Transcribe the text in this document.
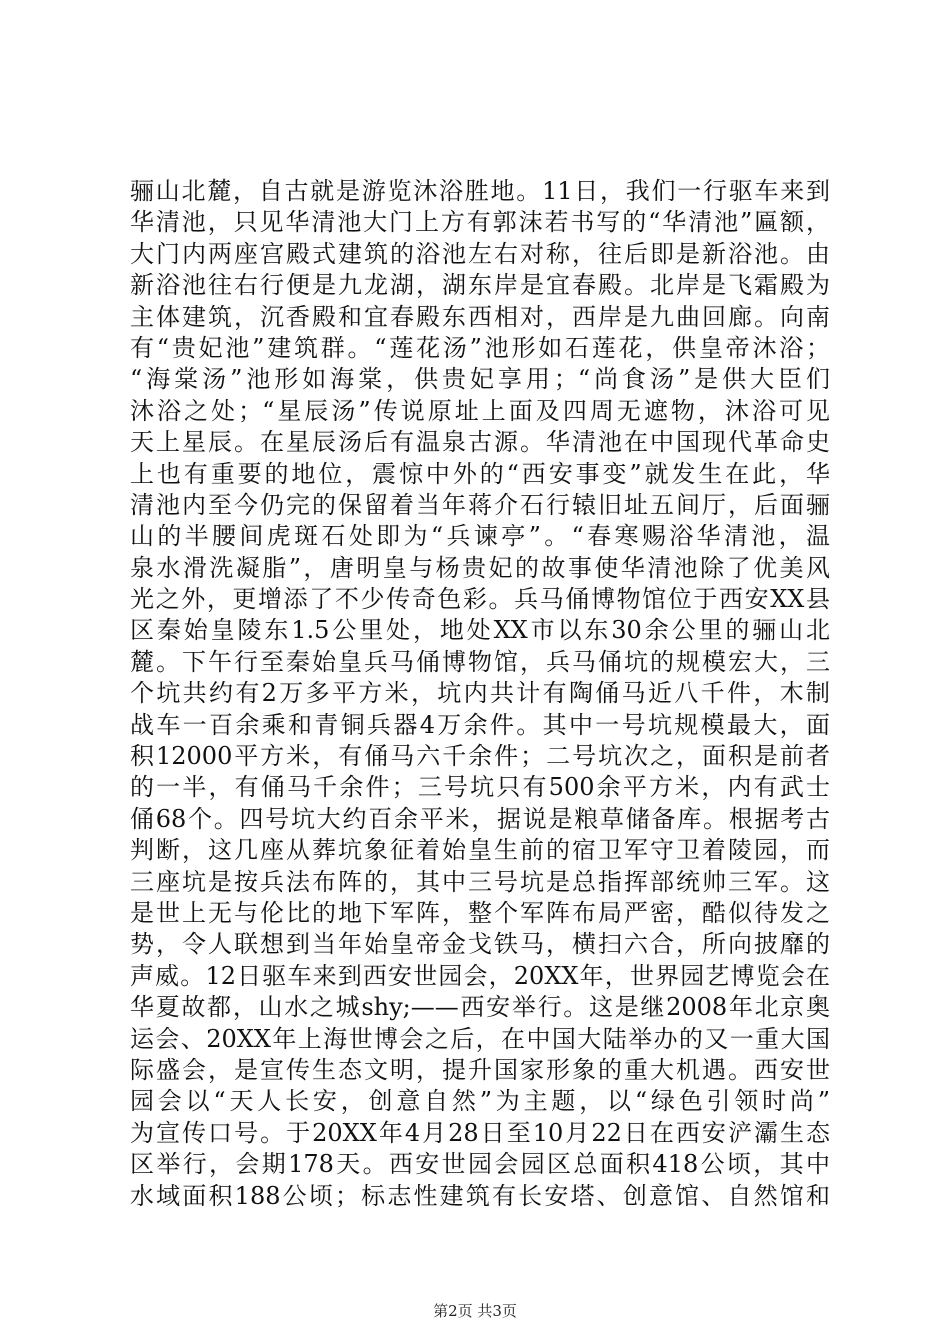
骊山北麓，自古就是游览沐浴胜地。11日，我们一行驱车来到
华清池，只见华清池大门上方有郭沫若书写的“华清池”匾额，
大门内两座宫殿式建筑的浴池左右对称，往后即是新浴池。由
新浴池往右行便是九龙湖，湖东岸是宜春殿。北岸是飞霜殿为
主体建筑，沉香殿和宜春殿东西相对，西岸是九曲回廊。向南
有“贵妃池”建筑群。“莲花汤”池形如石莲花，供皇帝沐浴；
“海棠汤”池形如海棠，供贵妃享用；“尚食汤”是供大臣们
沐浴之处；“星辰汤”传说原址上面及四周无遮物，沐浴可见
天上星辰。在星辰汤后有温泉古源。华清池在中国现代革命史
上也有重要的地位，震惊中外的“西安事变”就发生在此，华
清池内至今仍完的保留着当年蒋介石行辕旧址五间厅，后面骊
山的半腰间虎斑石处即为“兵谏亭”。“春寒赐浴华清池，温
泉水滑洗凝脂”，唐明皇与杨贵妃的故事使华清池除了优美风
光之外，更增添了不少传奇色彩。兵马俑博物馆位于西安XX县
区秦始皇陵东1.5公里处，地处XX市以东30余公里的骊山北
麓。下午行至秦始皇兵马俑博物馆，兵马俑坑的规模宏大，三
个坑共约有2万多平方米，坑内共计有陶俑马近八千件，木制
战车一百余乘和青铜兵器4万余件。其中一号坑规模最大，面
积12000平方米，有俑马六千余件；二号坑次之，面积是前者
的一半，有俑马千余件；三号坑只有500余平方米，内有武士
俑68个。四号坑大约百余平米，据说是粮草储备库。根据考古
判断，这几座从葬坑象征着始皇生前的宿卫军守卫着陵园，而
三座坑是按兵法布阵的，其中三号坑是总指挥部统帅三军。这
是世上无与伦比的地下军阵，整个军阵布局严密，酷似待发之
势，令人联想到当年始皇帝金戈铁马，横扫六合，所向披靡的
声威。12日驱车来到西安世园会，20XX年，世界园艺博览会在
华夏故都，山水之城shy;——西安举行。这是继2008年北京奥
运会、20XX年上海世博会之后，在中国大陆举办的又一重大国
际盛会，是宣传生态文明，提升国家形象的重大机遇。西安世
园会以“天人长安，创意自然”为主题，以“绿色引领时尚”
为宣传口号。于20XX年4月28日至10月22日在西安浐灞生态
区举行，会期178天。西安世园会园区总面积418公顷，其中
水域面积188公顷；标志性建筑有长安塔、创意馆、自然馆和
第2页 共3页
